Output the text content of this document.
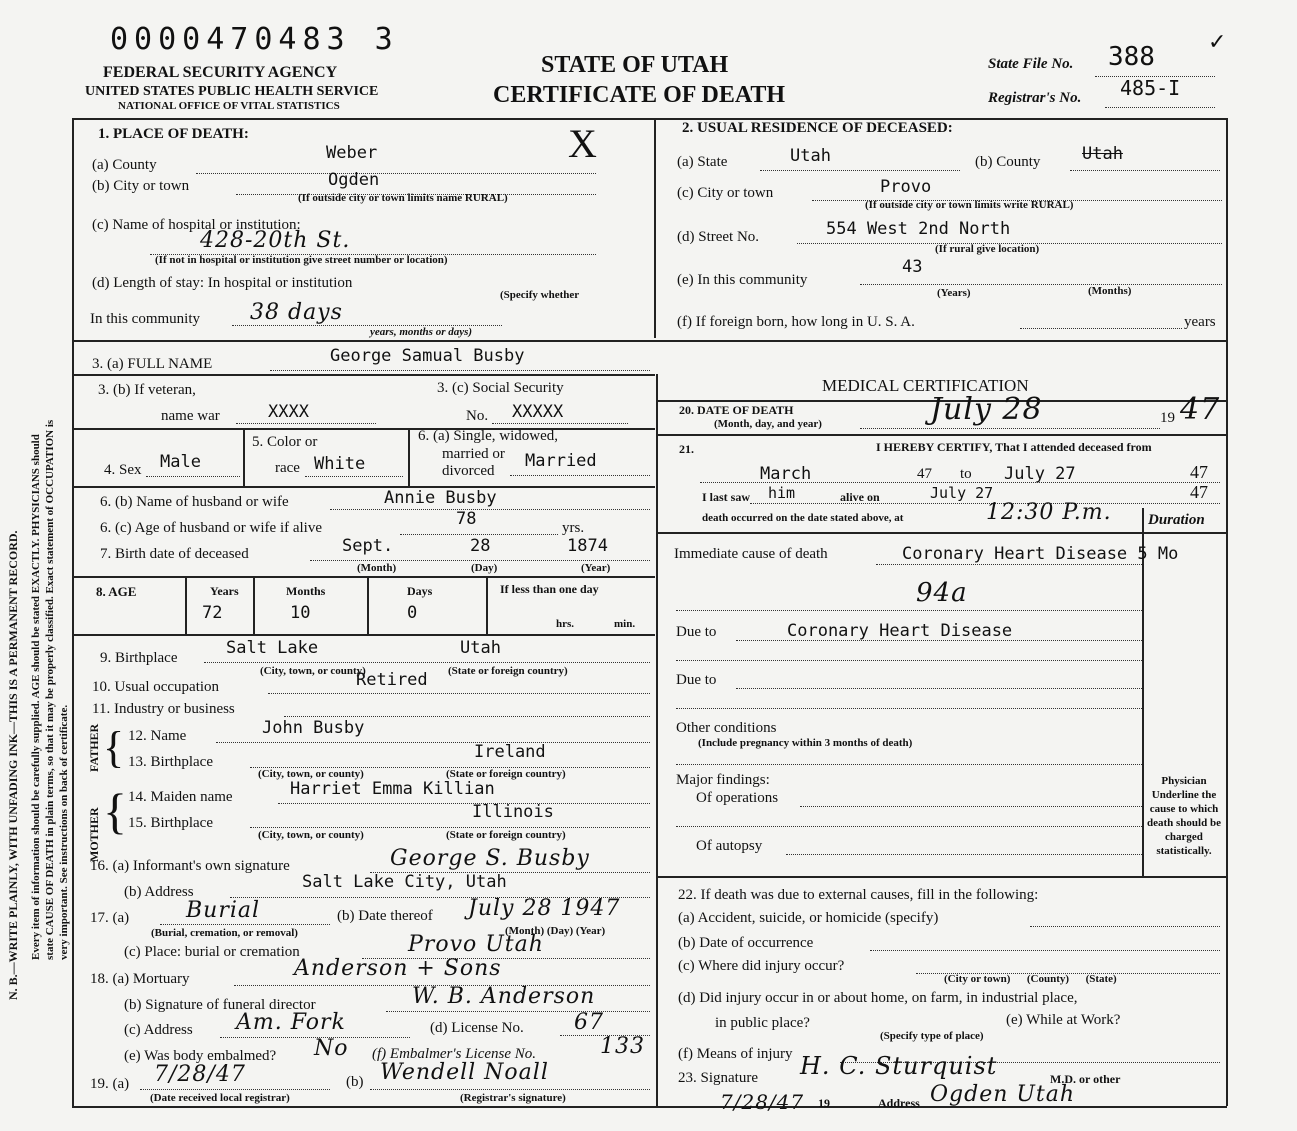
N. B.—WRITE PLAINLY, WITH UNFADING INK—THIS IS A PERMANENT RECORD. Every item of information should be carefully supplied. AGE should be stated EXACTLY. PHYSICIANS should state CAUSE OF DEATH in plain terms, so that it may be properly classified. Exact statement of OCCUPATION is very important. See instructions on back of certificate.
0000470483 3
FEDERAL SECURITY AGENCY
UNITED STATES PUBLIC HEALTH SERVICE
NATIONAL OFFICE OF VITAL STATISTICS
STATE OF UTAH
CERTIFICATE OF DEATH
State File No. 388
Registrar's No. 485-I
✓
1. PLACE OF DEATH:
(a) County
Weber
(b) City or town	Ogden
(If outside city or town limits name RURAL)
(c) Name of hospital or institution:
428-20th St.
(If not in hospital or institution give street number or location)
(d) Length of stay: In hospital or institution
(Specify whether
In this community 38 days
years, months or days)
X	2. USUAL RESIDENCE OF DECEASED:
(a) State	Utah	(b) County Utah
(c) City or town	Provo
(If outside city or town limits write RURAL)
(d) Street No.	554 West 2nd North
(If rural give location)
(e) In this community
43
(Years)	(Months)
(f) If foreign born, how long in U. S. A.	years
3. (a) FULL NAME	George Samual Busby
3. (b) If veteran,
name war	XXXX
3. (c) Social Security
No. XXXXX
4. Sex Male
5. Color or
race White
6. (a) Single, widowed,
married or
divorced Married
6. (b) Name of husband or wife	Annie Busby
6. (c) Age of husband or wife if alive	78	yrs.
7. Birth date of deceased	Sept.	28	1874
(Month)	(Day)	(Year)
8. AGE	Years	Months	Days	If less than one day
72	10	0
hrs.	min.
9. Birthplace	Salt Lake	Utah
(City, town, or county)	(State or foreign country)
10. Usual occupation	Retired
11. Industry or business
FATHER
MOTHER
{
{
12. Name	John Busby
13. Birthplace	Ireland
(City, town, or county)	(State or foreign country)
14. Maiden name	Harriet Emma Killian
15. Birthplace
Illinois
(City, town, or county)	(State or foreign country)
16. (a) Informant's own signature	George S. Busby
(b) Address	Salt Lake City, Utah
17. (a)	Burial
(Burial, cremation, or removal)
(b) Date thereof July 28 1947
(Month) (Day) (Year)
(c) Place: burial or cremation	Provo Utah
18. (a) Mortuary	Anderson + Sons
(b) Signature of funeral director	W. B. Anderson
(c) Address Am. Fork	(d) License No. 67
(e) Was body embalmed? No (f) Embalmer's License No.	133
19. (a) 7/28/47
(Date received local registrar)
(b) Wendell Noall
(Registrar's signature)
MEDICAL CERTIFICATION
20. DATE OF DEATH
(Month, day, and year)	July 28	19 47
21.	I HEREBY CERTIFY, That I attended deceased from
March	47 to July 27	47
I last saw him	alive on	July 27	47
death occurred on the date stated above, at	12:30 P.m. Duration
Immediate cause of death	Coronary Heart Disease 5 Mo
94a
Due to	Coronary Heart Disease
Due to
Other conditions
(Include pregnancy within 3 months of death)
Major findings:
Of operations
Of autopsy
Physician Underline the cause to which death should be charged statistically.
22. If death was due to external causes, fill in the following:
(a) Accident, suicide, or homicide (specify)
(b) Date of occurrence
(c) Where did injury occur?
(City or town)      (County)      (State)
(d) Did injury occur in or about home, on farm, in industrial place,
in public place?
(Specify type of place)
(e) While at Work?
(f) Means of injury
23. Signature H. C. Sturquist	M.D. or other
7/28/47 19	Address Ogden Utah
